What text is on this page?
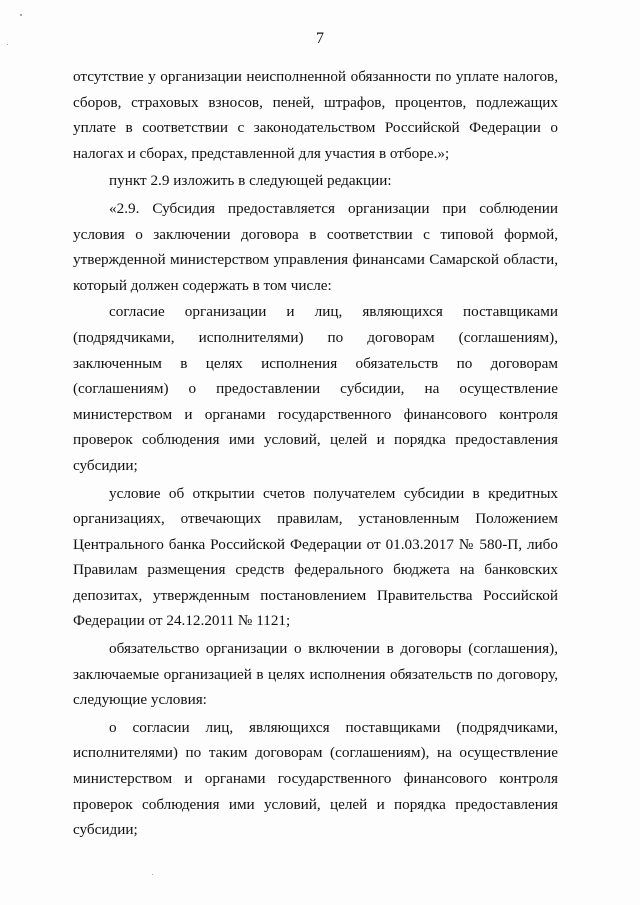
7

отсутствие у организации неисполненной обязанности по уплате налогов, сборов, страховых взносов, пеней, штрафов, процентов, подлежащих уплате в соответствии с законодательством Российской Федерации о налогах и сборах, представленной для участия в отборе.»;

пункт 2.9 изложить в следующей редакции:

«2.9. Субсидия предоставляется организации при соблюдении условия о заключении договора в соответствии с типовой формой, утвержденной министерством управления финансами Самарской области, который должен содержать в том числе:

согласие организации и лиц, являющихся поставщиками (подрядчиками, исполнителями) по договорам (соглашениям), заключенным в целях исполнения обязательств по договорам (соглашениям) о предоставлении субсидии, на осуществление министерством и органами государственного финансового контроля проверок соблюдения ими условий, целей и порядка предоставления субсидии;

условие об открытии счетов получателем субсидии в кредитных организациях, отвечающих правилам, установленным Положением Центрального банка Российской Федерации от 01.03.2017 № 580-П, либо Правилам размещения средств федерального бюджета на банковских депозитах, утвержденным постановлением Правительства Российской Федерации от 24.12.2011 № 1121;

обязательство организации о включении в договоры (соглашения), заключаемые организацией в целях исполнения обязательств по договору, следующие условия:

о согласии лиц, являющихся поставщиками (подрядчиками, исполнителями) по таким договорам (соглашениям), на осуществление министерством и органами государственного финансового контроля проверок соблюдения ими условий, целей и порядка предоставления субсидии;
